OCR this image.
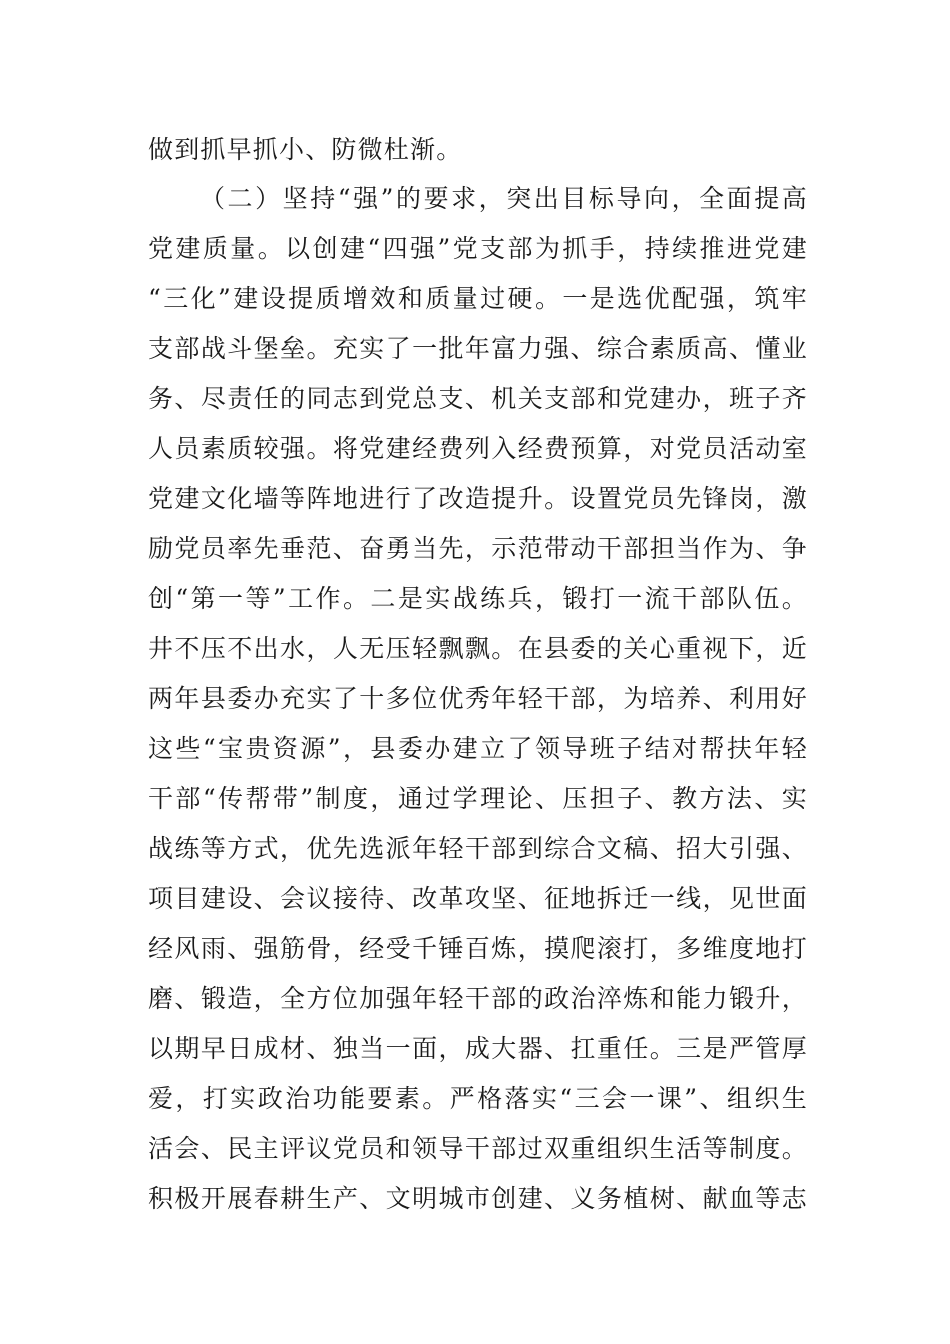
做到抓早抓小、防微杜渐。
（二）坚持“强”的要求，突出目标导向，全面提高
党建质量。以创建“四强”党支部为抓手，持续推进党建
“三化”建设提质增效和质量过硬。一是选优配强，筑牢
支部战斗堡垒。充实了一批年富力强、综合素质高、懂业
务、尽责任的同志到党总支、机关支部和党建办，班子齐
人员素质较强。将党建经费列入经费预算，对党员活动室
党建文化墙等阵地进行了改造提升。设置党员先锋岗，激
励党员率先垂范、奋勇当先，示范带动干部担当作为、争
创“第一等”工作。二是实战练兵，锻打一流干部队伍。
井不压不出水，人无压轻飘飘。在县委的关心重视下，近
两年县委办充实了十多位优秀年轻干部，为培养、利用好
这些“宝贵资源”，县委办建立了领导班子结对帮扶年轻
干部“传帮带”制度，通过学理论、压担子、教方法、实
战练等方式，优先选派年轻干部到综合文稿、招大引强、
项目建设、会议接待、改革攻坚、征地拆迁一线，见世面
经风雨、强筋骨，经受千锤百炼，摸爬滚打，多维度地打
磨、锻造，全方位加强年轻干部的政治淬炼和能力锻升，
以期早日成材、独当一面，成大器、扛重任。三是严管厚
爱，打实政治功能要素。严格落实“三会一课”、组织生
活会、民主评议党员和领导干部过双重组织生活等制度。
积极开展春耕生产、文明城市创建、义务植树、献血等志
